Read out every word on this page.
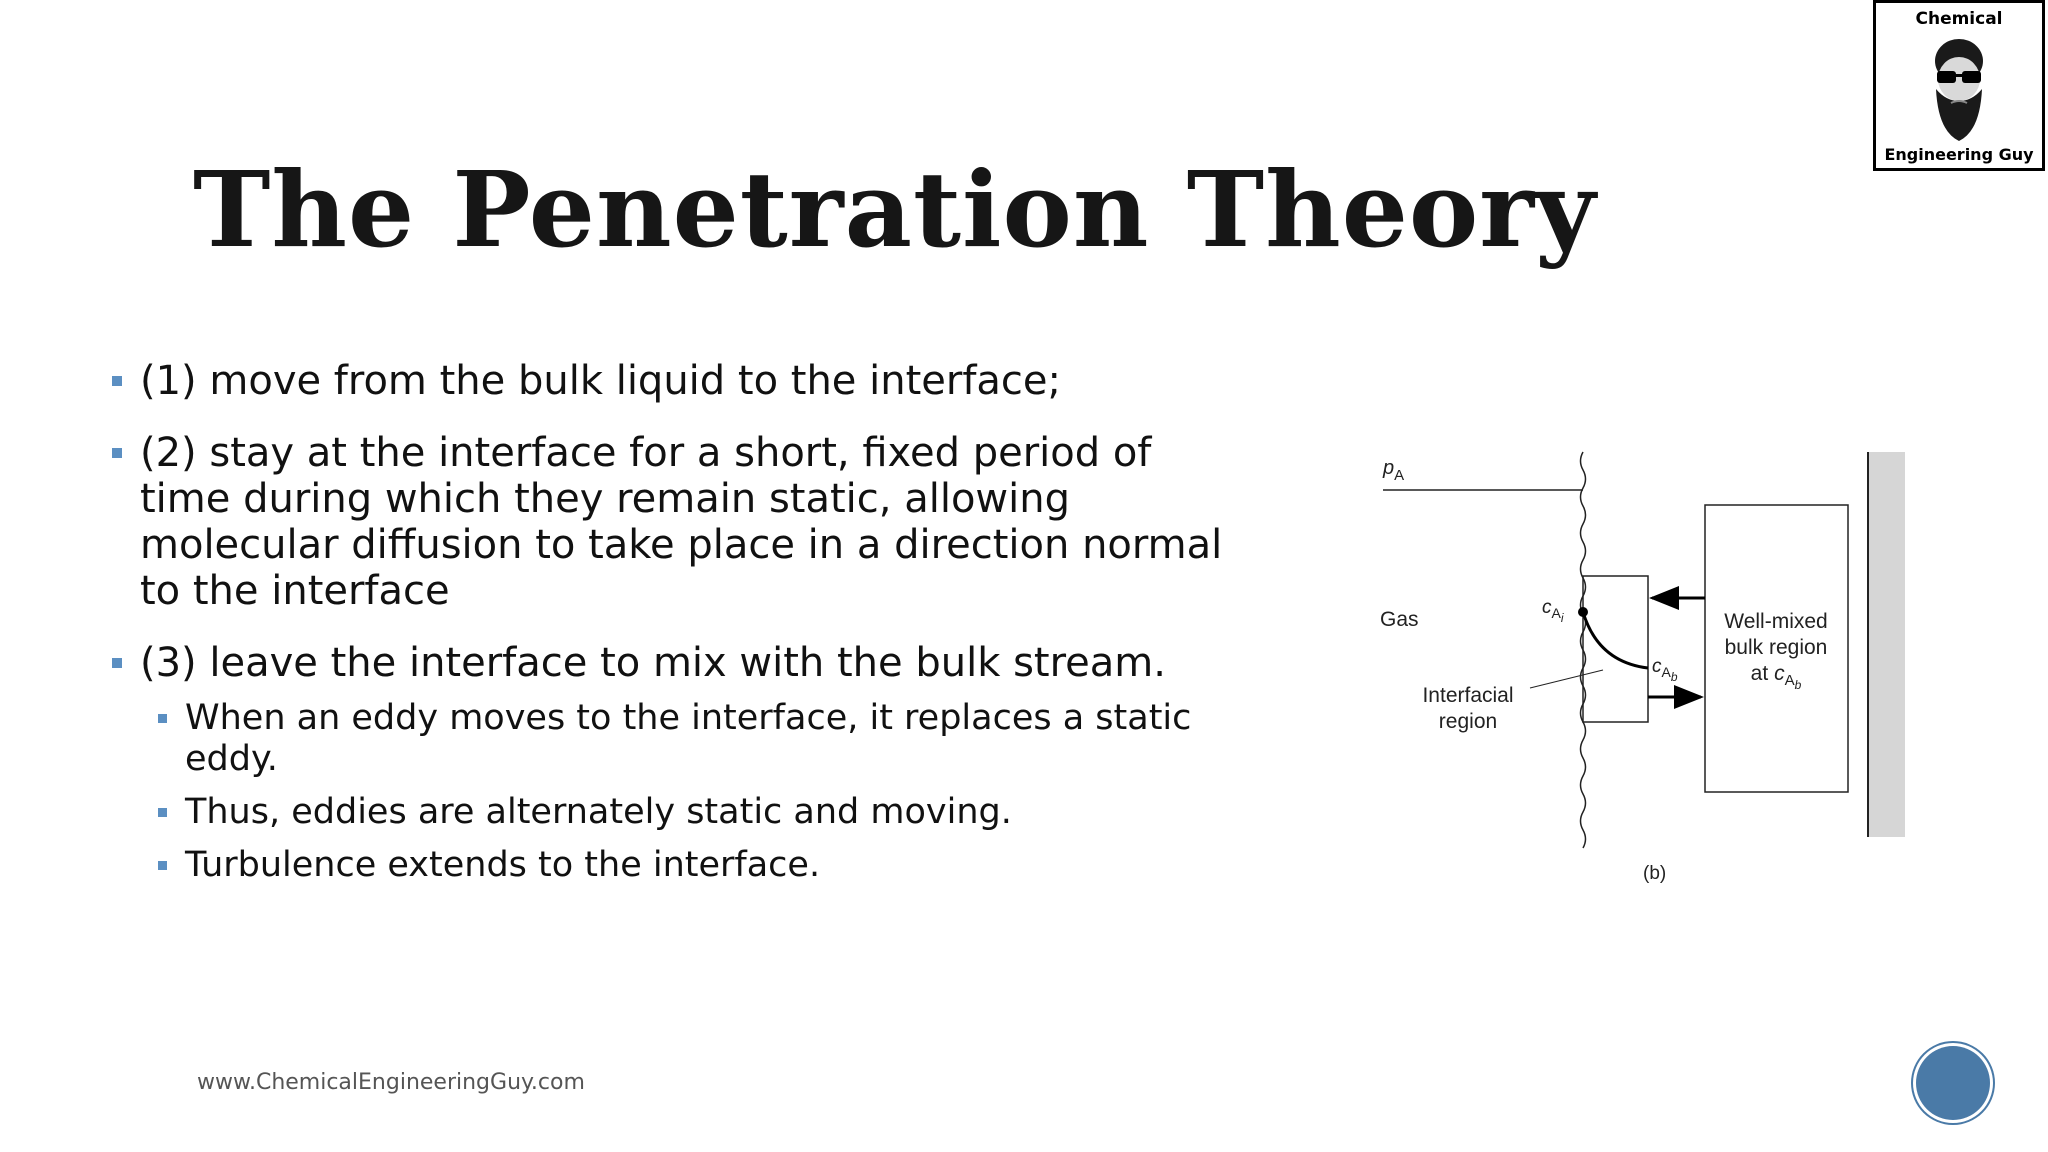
The Penetration Theory
Chemical
Engineering Guy
(1) move from the bulk liquid to the interface;
(2) stay at the interface for a short, fixed period of time during which they remain static, allowing molecular diffusion to take place in a direction normal to the interface
(3) leave the interface to mix with the bulk stream.
When an eddy moves to the interface, it replaces a static eddy.
Thus, eddies are alternately static and moving.
Turbulence extends to the interface.
$p_A$
Gas
$c_{Ai}$
$c_{Ab}$
Interfacial
region
Well-mixed
bulk region
at $c_Ab$
(b)
www.ChemicalEngineeringGuy.com
